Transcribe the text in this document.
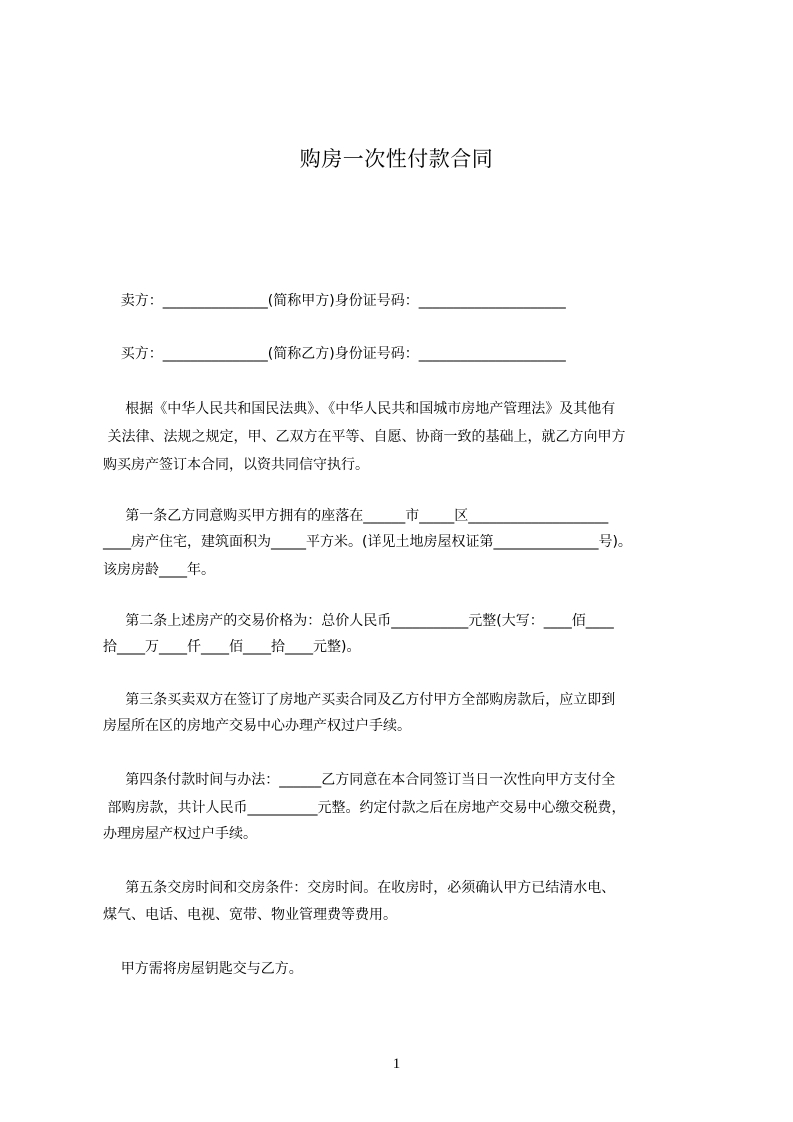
购房一次性付款合同
卖方：_______________(简称甲方)身份证号码：_____________________
买方：_______________(简称乙方)身份证号码：_____________________
根据《中华人民共和国民法典》、《中华人民共和国城市房地产管理法》及其他有
关法律、法规之规定，甲、乙双方在平等、自愿、协商一致的基础上，就乙方向甲方
购买房产签订本合同，以资共同信守执行。
第一条乙方同意购买甲方拥有的座落在______市_____区____________________
____房产住宅，建筑面积为_____平方米。(详见土地房屋权证第_______________号)。
该房房龄____年。
第二条上述房产的交易价格为：总价人民币___________元整(大写：____佰____
拾____万____仟____佰____拾____元整)。
第三条买卖双方在签订了房地产买卖合同及乙方付甲方全部购房款后，应立即到
房屋所在区的房地产交易中心办理产权过户手续。
第四条付款时间与办法：______乙方同意在本合同签订当日一次性向甲方支付全
部购房款，共计人民币__________元整。约定付款之后在房地产交易中心缴交税费，
办理房屋产权过户手续。
第五条交房时间和交房条件：交房时间。在收房时，必须确认甲方已结清水电、
煤气、电话、电视、宽带、物业管理费等费用。
甲方需将房屋钥匙交与乙方。
1
